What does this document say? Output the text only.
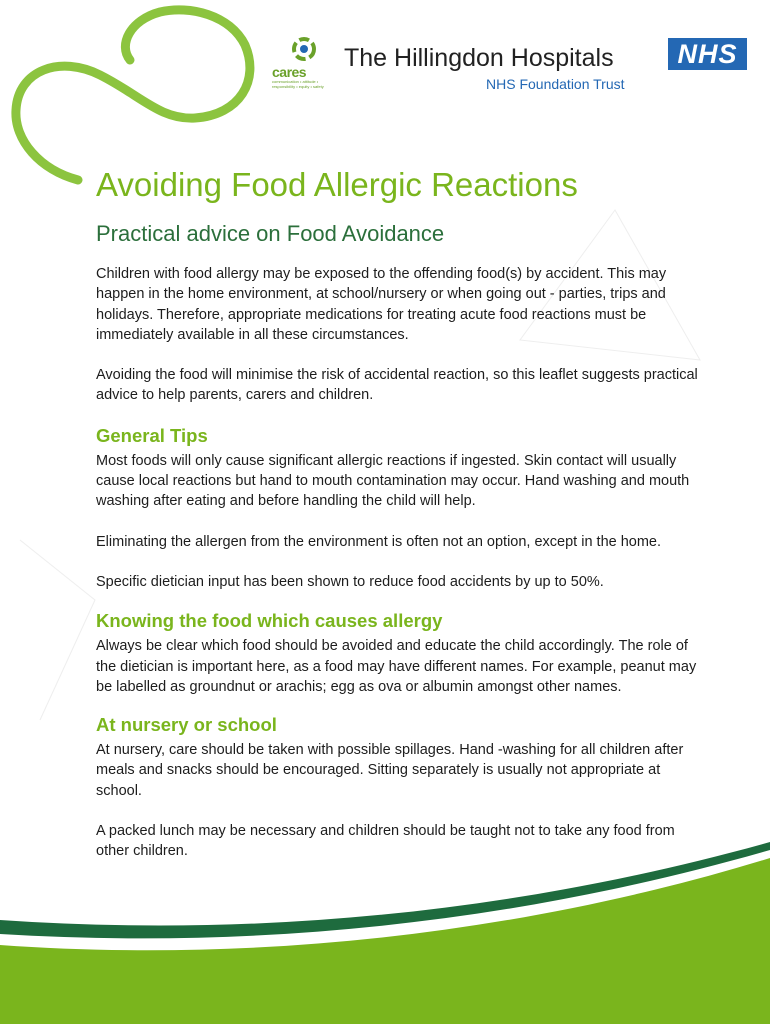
cares
communication • attitude • responsibility • equity • safety
The Hillingdon Hospitals
NHS Foundation Trust
NHS
Avoiding Food Allergic Reactions
Practical advice on Food Avoidance

Children with food allergy may be exposed to the offending food(s) by accident. This may happen in the home environment, at school/nursery or when going out - parties, trips and holidays. Therefore, appropriate medications for treating acute food reactions must be immediately available in all these circumstances.

Avoiding the food will minimise the risk of accidental reaction, so this leaflet suggests practical advice to help parents, carers and children.

General Tips

Most foods will only cause significant allergic reactions if ingested. Skin contact will usually cause local reactions but hand to mouth contamination may occur. Hand washing and mouth washing after eating and before handling the child will help.

Eliminating the allergen from the environment is often not an option, except in the home.

Specific dietician input has been shown to reduce food accidents by up to 50%.

Knowing the food which causes allergy

Always be clear which food should be avoided and educate the child accordingly. The role of the dietician is important here, as a food may have different names. For example, peanut may be labelled as groundnut or arachis; egg as ova or albumin amongst other names.

At nursery or school

At nursery, care should be taken with possible spillages. Hand -washing for all children after meals and snacks should be encouraged. Sitting separately is usually not appropriate at school.

A packed lunch may be necessary and children should be taught not to take any food from other children.
